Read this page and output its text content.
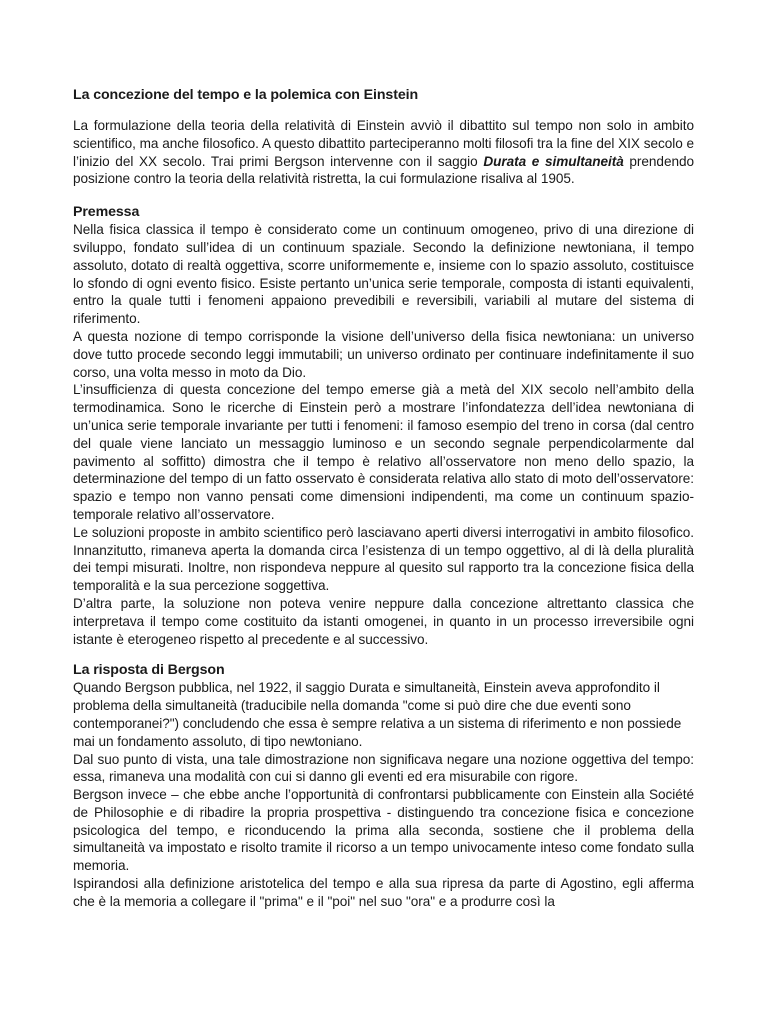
La concezione del tempo e la polemica con Einstein

La formulazione della teoria della relatività di Einstein avviò il dibattito sul tempo non solo in ambito scientifico, ma anche filosofico. A questo dibattito parteciperanno molti filosofi tra la fine del XIX secolo e l’inizio del XX secolo. Trai primi Bergson intervenne con il saggio Durata e simultaneità prendendo posizione contro la teoria della relatività ristretta, la cui formulazione risaliva al 1905.

Premessa

Nella fisica classica il tempo è considerato come un continuum omogeneo, privo di una direzione di sviluppo, fondato sull’idea di un continuum spaziale. Secondo la definizione newtoniana, il tempo assoluto, dotato di realtà oggettiva, scorre uniformemente e, insieme con lo spazio assoluto, costituisce lo sfondo di ogni evento fisico. Esiste pertanto un’unica serie temporale, composta di istanti equivalenti, entro la quale tutti i fenomeni appaiono prevedibili e reversibili, variabili al mutare del sistema di riferimento.

A questa nozione di tempo corrisponde la visione dell’universo della fisica newtoniana: un universo dove tutto procede secondo leggi immutabili; un universo ordinato per continuare indefinitamente il suo corso, una volta messo in moto da Dio.

L’insufficienza di questa concezione del tempo emerse già a metà del XIX secolo nell’ambito della termodinamica. Sono le ricerche di Einstein però a mostrare l’infondatezza dell’idea newtoniana di un’unica serie temporale invariante per tutti i fenomeni: il famoso esempio del treno in corsa (dal centro del quale viene lanciato un messaggio luminoso e un secondo segnale perpendicolarmente dal pavimento al soffitto) dimostra che il tempo è relativo all’osservatore non meno dello spazio, la determinazione del tempo di un fatto osservato è considerata relativa allo stato di moto dell’osservatore: spazio e tempo non vanno pensati come dimensioni indipendenti, ma come un continuum spazio-temporale relativo all’osservatore.

Le soluzioni proposte in ambito scientifico però lasciavano aperti diversi interrogativi in ambito filosofico. Innanzitutto, rimaneva aperta la domanda circa l’esistenza di un tempo oggettivo, al di là della pluralità dei tempi misurati. Inoltre, non rispondeva neppure al quesito sul rapporto tra la concezione fisica della temporalità e la sua percezione soggettiva.

D’altra parte, la soluzione non poteva venire neppure dalla concezione altrettanto classica che interpretava il tempo come costituito da istanti omogenei, in quanto in un processo irreversibile ogni istante è eterogeneo rispetto al precedente e al successivo.

La risposta di Bergson

Quando Bergson pubblica, nel 1922, il saggio Durata e simultaneità, Einstein aveva approfondito il problema della simultaneità (traducibile nella domanda "come si può dire che due eventi sono contemporanei?") concludendo che essa è sempre relativa a un sistema di riferimento e non possiede mai un fondamento assoluto, di tipo newtoniano.

Dal suo punto di vista, una tale dimostrazione non significava negare una nozione oggettiva del tempo: essa, rimaneva una modalità con cui si danno gli eventi ed era misurabile con rigore.

Bergson invece – che ebbe anche l’opportunità di confrontarsi pubblicamente con Einstein alla Société de Philosophie e di ribadire la propria prospettiva - distinguendo tra concezione fisica e concezione psicologica del tempo, e riconducendo la prima alla seconda, sostiene che il problema della simultaneità va impostato e risolto tramite il ricorso a un tempo univocamente inteso come fondato sulla memoria.

Ispirandosi alla definizione aristotelica del tempo e alla sua ripresa da parte di Agostino, egli afferma che è la memoria a collegare il "prima" e il "poi" nel suo "ora" e a produrre così la
